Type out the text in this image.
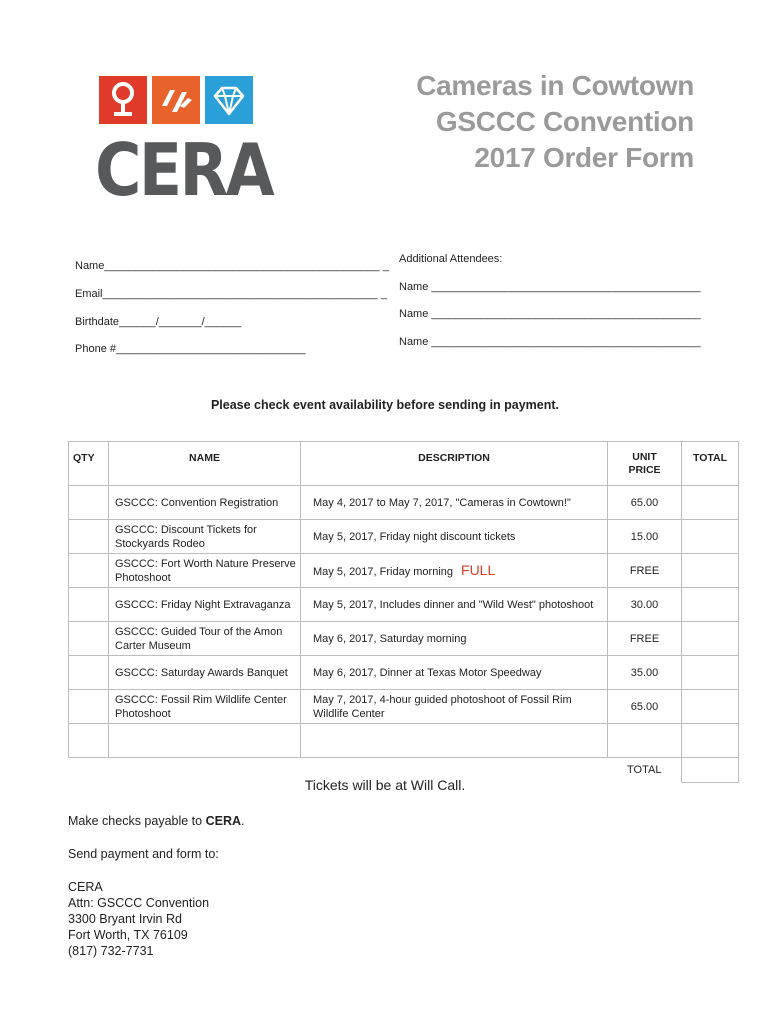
CERA
Cameras in Cowtown
GSCCC Convention
2017 Order Form
Name_____________________________________________ _
Email_____________________________________________ _
Birthdate______/_______/______
Phone #_______________________________
Additional Attendees:
Name ____________________________________________
Name ____________________________________________
Name ____________________________________________
Please check event availability before sending in payment.
QTY	NAME	DESCRIPTION	UNIT PRICE	TOTAL
	GSCCC: Convention Registration	May 4, 2017 to May 7, 2017, "Cameras in Cowtown!"	65.00	
	GSCCC: Discount Tickets for Stockyards Rodeo	May 5, 2017, Friday night discount tickets	15.00	
	GSCCC: Fort Worth Nature Preserve Photoshoot	May 5, 2017, Friday morning FULL	FREE	
	GSCCC: Friday Night Extravaganza	May 5, 2017, Includes dinner and "Wild West" photoshoot	30.00	
	GSCCC: Guided Tour of the Amon Carter Museum	May 6, 2017, Saturday morning	FREE	
	GSCCC: Saturday Awards Banquet	May 6, 2017, Dinner at Texas Motor Speedway	35.00	
	GSCCC: Fossil Rim Wildlife Center Photoshoot	May 7, 2017, 4-hour guided photoshoot of Fossil Rim Wildlife Center	65.00	

			TOTAL	
Tickets will be at Will Call.
Make checks payable to CERA.
Send payment and form to:
CERA
Attn: GSCCC Convention
3300 Bryant Irvin Rd
Fort Worth, TX 76109
(817) 732-7731
